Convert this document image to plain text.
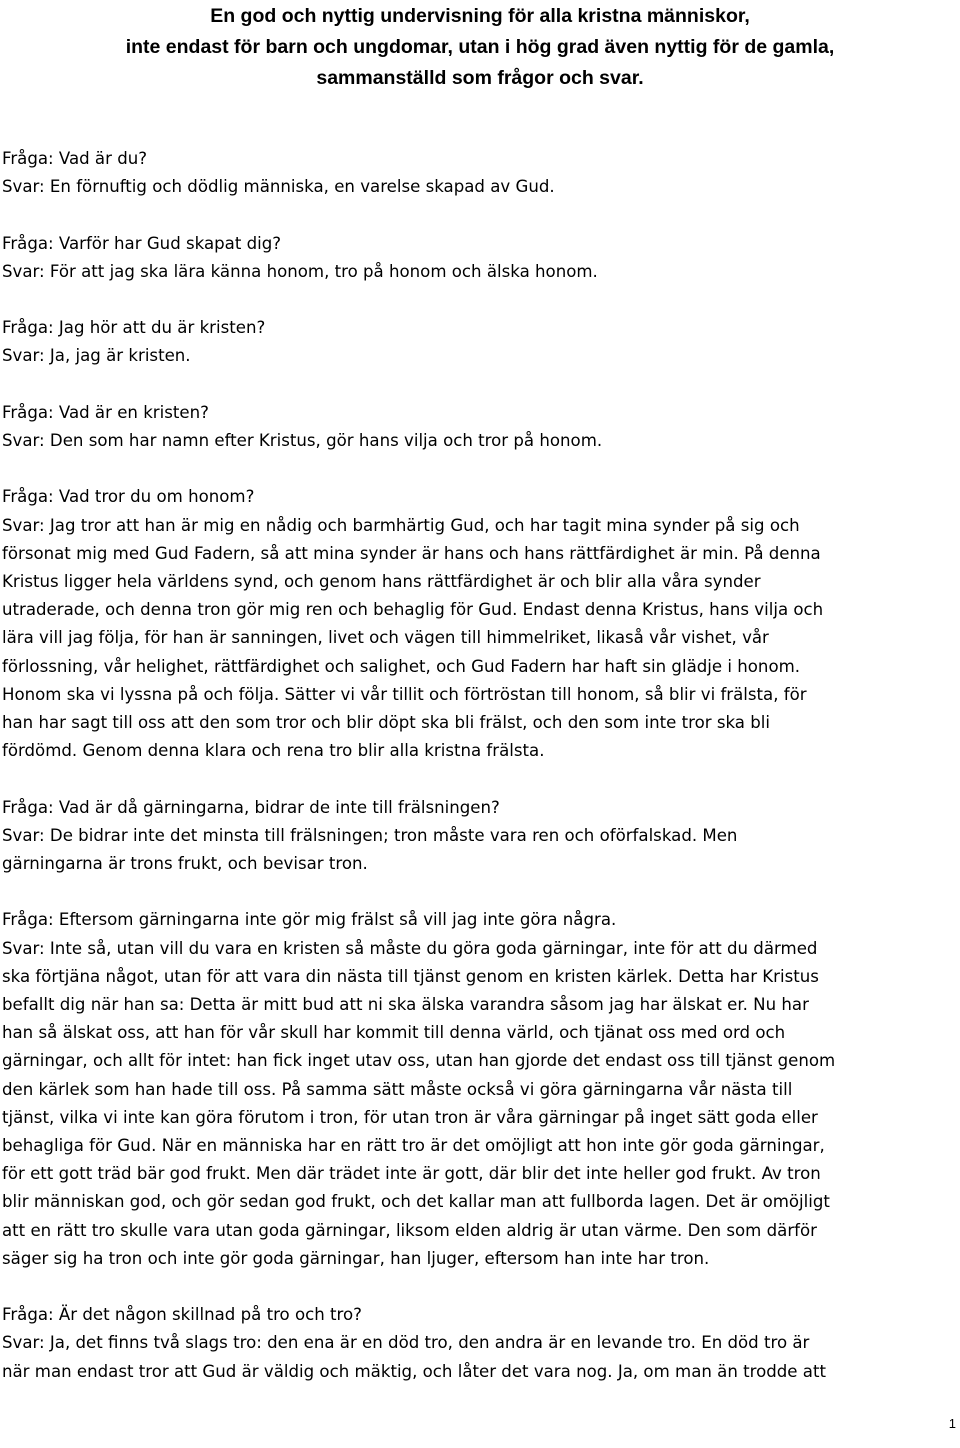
En god och nyttig undervisning för alla kristna människor,
inte endast för barn och ungdomar, utan i hög grad även nyttig för de gamla,
sammanställd som frågor och svar.
Fråga: Vad är du?
Svar: En förnuftig och dödlig människa, en varelse skapad av Gud.
Fråga: Varför har Gud skapat dig?
Svar: För att jag ska lära känna honom, tro på honom och älska honom.
Fråga: Jag hör att du är kristen?
Svar: Ja, jag är kristen.
Fråga: Vad är en kristen?
Svar: Den som har namn efter Kristus, gör hans vilja och tror på honom.
Fråga: Vad tror du om honom?
Svar: Jag tror att han är mig en nådig och barmhärtig Gud, och har tagit mina synder på sig och
försonat mig med Gud Fadern, så att mina synder är hans och hans rättfärdighet är min. På denna
Kristus ligger hela världens synd, och genom hans rättfärdighet är och blir alla våra synder
utraderade, och denna tron gör mig ren och behaglig för Gud. Endast denna Kristus, hans vilja och
lära vill jag följa, för han är sanningen, livet och vägen till himmelriket, likaså vår vishet, vår
förlossning, vår helighet, rättfärdighet och salighet, och Gud Fadern har haft sin glädje i honom.
Honom ska vi lyssna på och följa. Sätter vi vår tillit och förtröstan till honom, så blir vi frälsta, för
han har sagt till oss att den som tror och blir döpt ska bli frälst, och den som inte tror ska bli
fördömd. Genom denna klara och rena tro blir alla kristna frälsta.
Fråga: Vad är då gärningarna, bidrar de inte till frälsningen?
Svar: De bidrar inte det minsta till frälsningen; tron måste vara ren och oförfalskad. Men
gärningarna är trons frukt, och bevisar tron.
Fråga: Eftersom gärningarna inte gör mig frälst så vill jag inte göra några.
Svar: Inte så, utan vill du vara en kristen så måste du göra goda gärningar, inte för att du därmed
ska förtjäna något, utan för att vara din nästa till tjänst genom en kristen kärlek. Detta har Kristus
befallt dig när han sa: Detta är mitt bud att ni ska älska varandra såsom jag har älskat er. Nu har
han så älskat oss, att han för vår skull har kommit till denna värld, och tjänat oss med ord och
gärningar, och allt för intet: han fick inget utav oss, utan han gjorde det endast oss till tjänst genom
den kärlek som han hade till oss. På samma sätt måste också vi göra gärningarna vår nästa till
tjänst, vilka vi inte kan göra förutom i tron, för utan tron är våra gärningar på inget sätt goda eller
behagliga för Gud. När en människa har en rätt tro är det omöjligt att hon inte gör goda gärningar,
för ett gott träd bär god frukt. Men där trädet inte är gott, där blir det inte heller god frukt. Av tron
blir människan god, och gör sedan god frukt, och det kallar man att fullborda lagen. Det är omöjligt
att en rätt tro skulle vara utan goda gärningar, liksom elden aldrig är utan värme. Den som därför
säger sig ha tron och inte gör goda gärningar, han ljuger, eftersom han inte har tron.
Fråga: Är det någon skillnad på tro och tro?
Svar: Ja, det finns två slags tro: den ena är en död tro, den andra är en levande tro. En död tro är
när man endast tror att Gud är väldig och mäktig, och låter det vara nog. Ja, om man än trodde att
1
